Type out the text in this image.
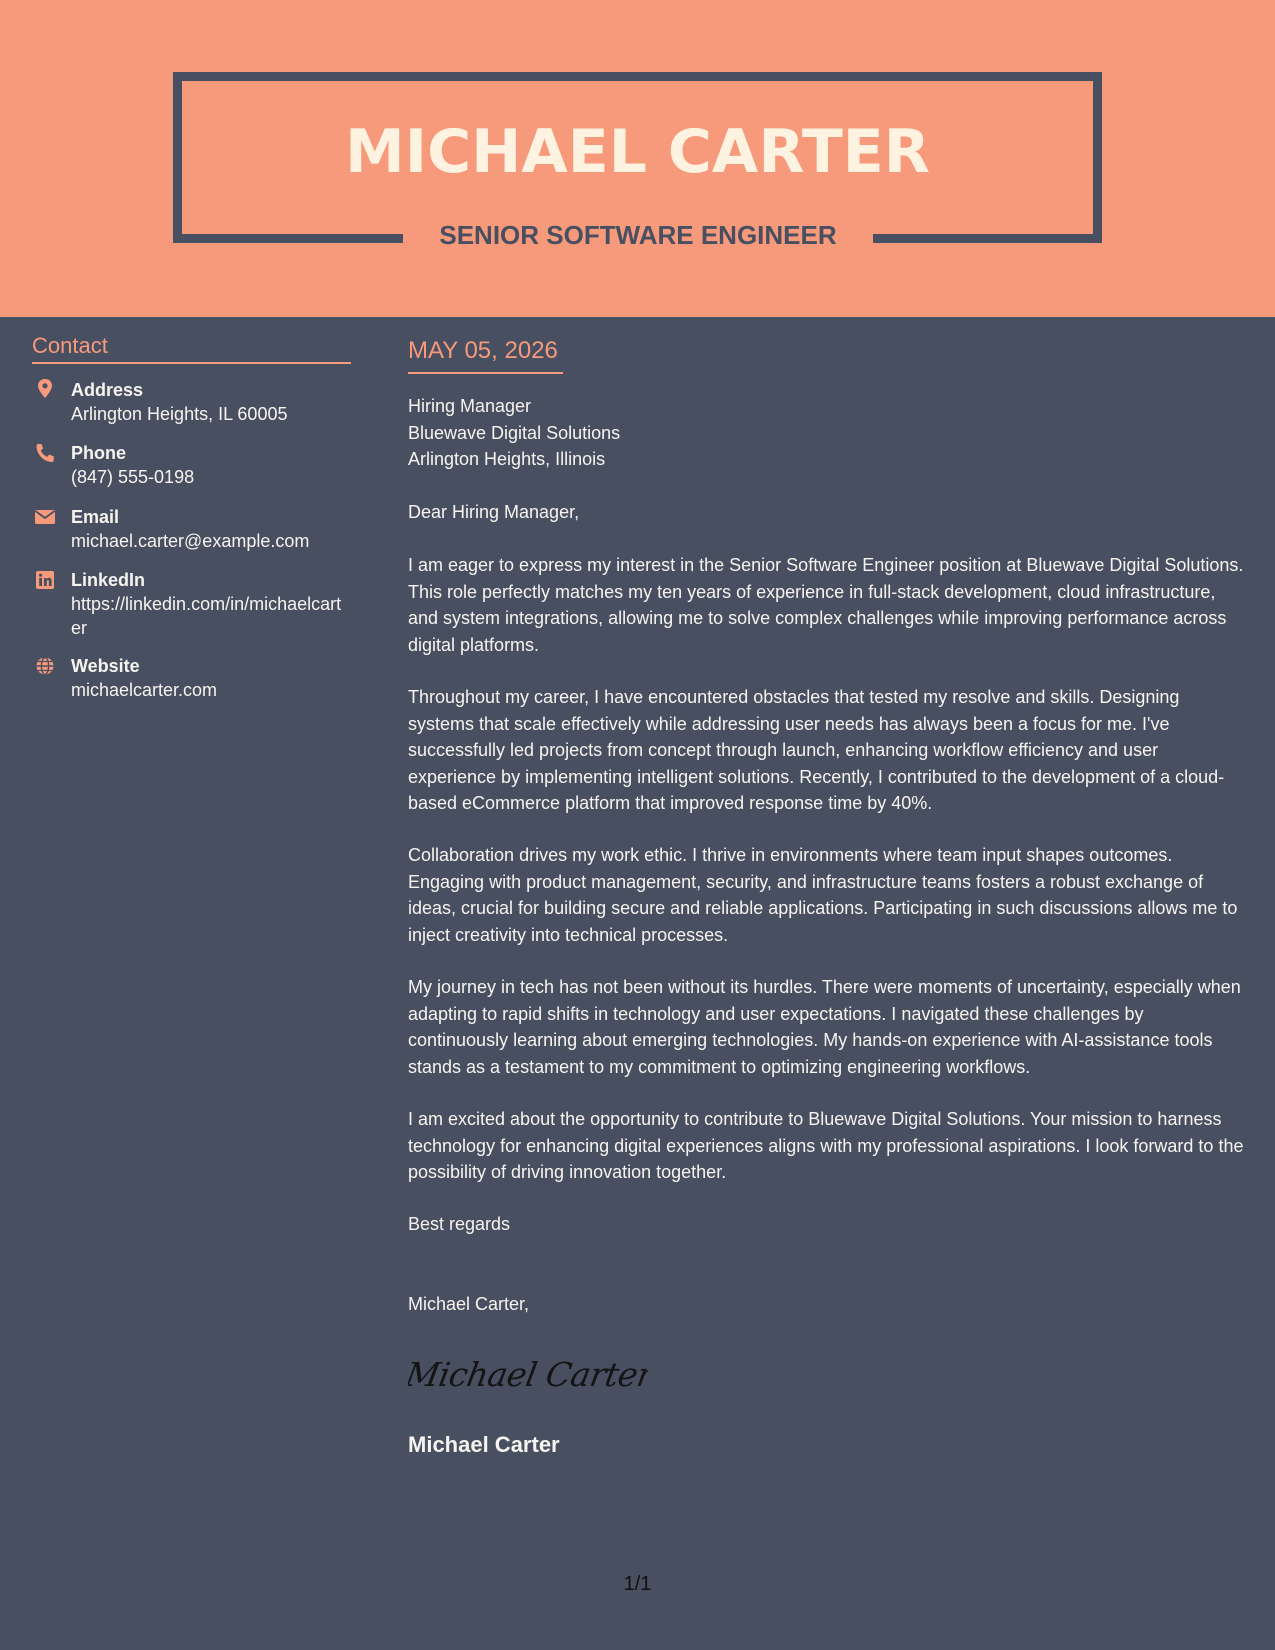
MICHAEL CARTER
SENIOR SOFTWARE ENGINEER
Contact
Address
Arlington Heights, IL 60005
Phone
(847) 555-0198
Email
michael.carter@example.com
LinkedIn
https://linkedin.com/in/michaelcarter
Website
michaelcarter.com
MAY 05, 2026
Hiring Manager
Bluewave Digital Solutions
Arlington Heights, Illinois
Dear Hiring Manager,
I am eager to express my interest in the Senior Software Engineer position at Bluewave Digital Solutions. This role perfectly matches my ten years of experience in full-stack development, cloud infrastructure, and system integrations, allowing me to solve complex challenges while improving performance across digital platforms.
Throughout my career, I have encountered obstacles that tested my resolve and skills. Designing systems that scale effectively while addressing user needs has always been a focus for me. I've successfully led projects from concept through launch, enhancing workflow efficiency and user experience by implementing intelligent solutions. Recently, I contributed to the development of a cloud-based eCommerce platform that improved response time by 40%.
Collaboration drives my work ethic. I thrive in environments where team input shapes outcomes. Engaging with product management, security, and infrastructure teams fosters a robust exchange of ideas, crucial for building secure and reliable applications. Participating in such discussions allows me to inject creativity into technical processes.
My journey in tech has not been without its hurdles. There were moments of uncertainty, especially when adapting to rapid shifts in technology and user expectations. I navigated these challenges by continuously learning about emerging technologies. My hands-on experience with AI-assistance tools stands as a testament to my commitment to optimizing engineering workflows.
I am excited about the opportunity to contribute to Bluewave Digital Solutions. Your mission to harness technology for enhancing digital experiences aligns with my professional aspirations. I look forward to the possibility of driving innovation together.
Best regards
Michael Carter,
Michael Carter
Michael Carter
1/1
